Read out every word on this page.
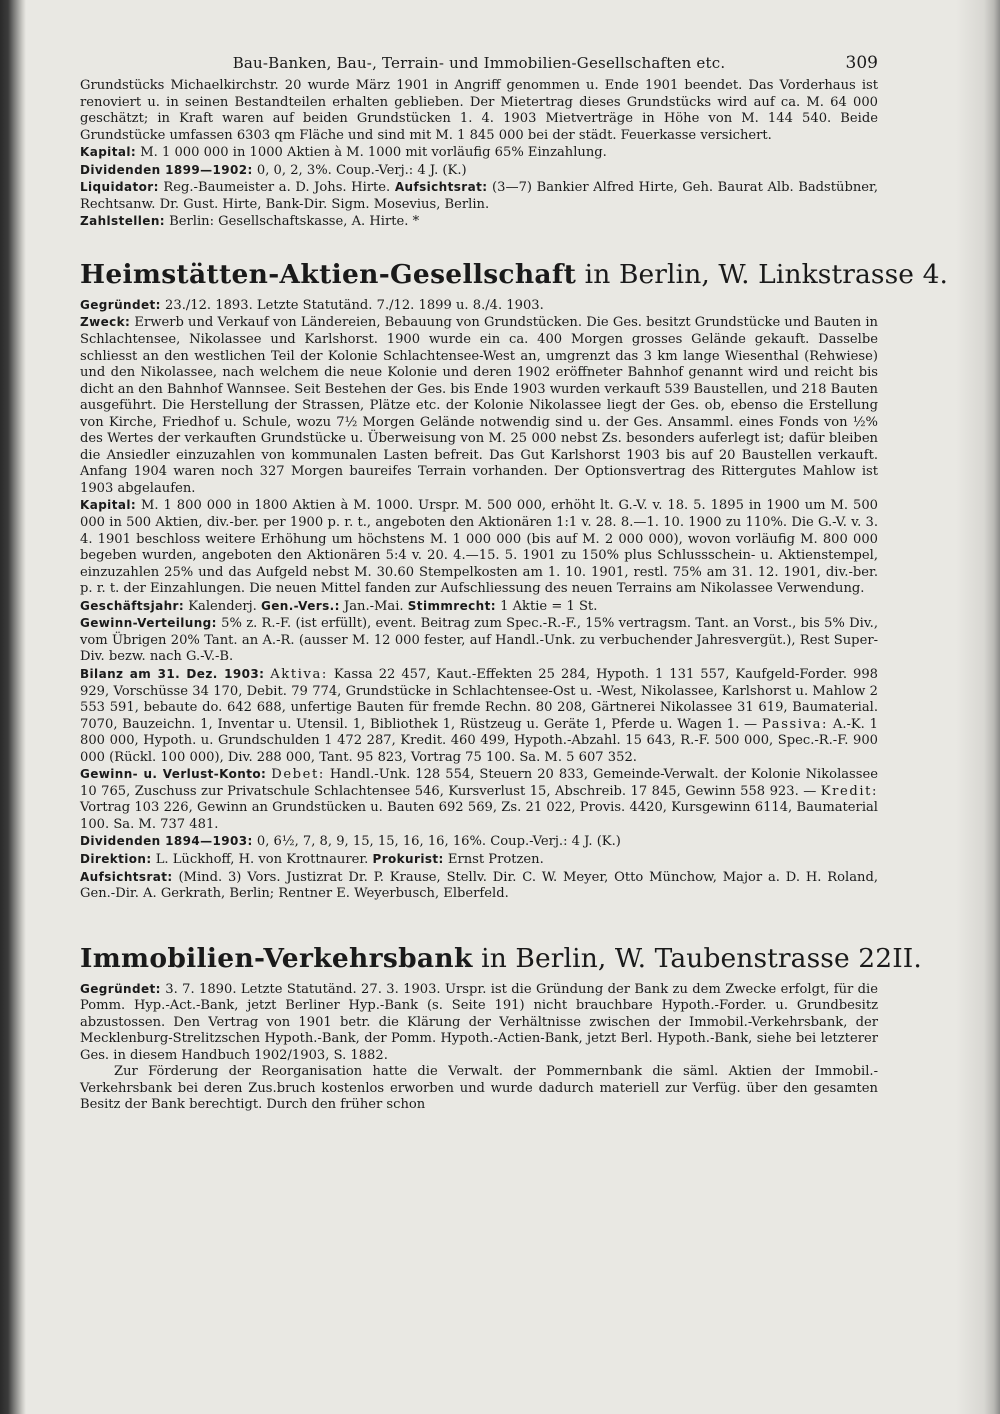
Bau-Banken, Bau-, Terrain- und Immobilien-Gesellschaften etc.	309

Grundstücks Michaelkirchstr. 20 wurde März 1901 in Angriff genommen u. Ende 1901 beendet. Das Vorderhaus ist renoviert u. in seinen Bestandteilen erhalten geblieben. Der Mietertrag dieses Grundstücks wird auf ca. M. 64 000 geschätzt; in Kraft waren auf beiden Grundstücken 1. 4. 1903 Mietverträge in Höhe von M. 144 540. Beide Grundstücke umfassen 6303 qm Fläche und sind mit M. 1 845 000 bei der städt. Feuerkasse versichert.

Kapital: M. 1 000 000 in 1000 Aktien à M. 1000 mit vorläufig 65% Einzahlung.

Dividenden 1899—1902: 0, 0, 2, 3%. Coup.-Verj.: 4 J. (K.)

Liquidator: Reg.-Baumeister a. D. Johs. Hirte. Aufsichtsrat: (3—7) Bankier Alfred Hirte, Geh. Baurat Alb. Badstübner, Rechtsanw. Dr. Gust. Hirte, Bank-Dir. Sigm. Mosevius, Berlin.

Zahlstellen: Berlin: Gesellschaftskasse, A. Hirte. *

Heimstätten-Aktien-Gesellschaft in Berlin, W. Linkstrasse 4.

Gegründet: 23./12. 1893. Letzte Statutänd. 7./12. 1899 u. 8./4. 1903.

Zweck: Erwerb und Verkauf von Ländereien, Bebauung von Grundstücken. Die Ges. besitzt Grundstücke und Bauten in Schlachtensee, Nikolassee und Karlshorst. 1900 wurde ein ca. 400 Morgen grosses Gelände gekauft. Dasselbe schliesst an den westlichen Teil der Kolonie Schlachtensee-West an, umgrenzt das 3 km lange Wiesenthal (Rehwiese) und den Nikolassee, nach welchem die neue Kolonie und deren 1902 eröffneter Bahnhof genannt wird und reicht bis dicht an den Bahnhof Wannsee. Seit Bestehen der Ges. bis Ende 1903 wurden verkauft 539 Baustellen, und 218 Bauten ausgeführt. Die Herstellung der Strassen, Plätze etc. der Kolonie Nikolassee liegt der Ges. ob, ebenso die Erstellung von Kirche, Friedhof u. Schule, wozu 7½ Morgen Gelände notwendig sind u. der Ges. Ansamml. eines Fonds von ½% des Wertes der verkauften Grundstücke u. Überweisung von M. 25 000 nebst Zs. besonders auferlegt ist; dafür bleiben die Ansiedler einzuzahlen von kommunalen Lasten befreit. Das Gut Karlshorst 1903 bis auf 20 Baustellen verkauft. Anfang 1904 waren noch 327 Morgen baureifes Terrain vorhanden. Der Optionsvertrag des Rittergutes Mahlow ist 1903 abgelaufen.

Kapital: M. 1 800 000 in 1800 Aktien à M. 1000. Urspr. M. 500 000, erhöht lt. G.-V. v. 18. 5. 1895 in 1900 um M. 500 000 in 500 Aktien, div.-ber. per 1900 p. r. t., angeboten den Aktionären 1:1 v. 28. 8.—1. 10. 1900 zu 110%. Die G.-V. v. 3. 4. 1901 beschloss weitere Erhöhung um höchstens M. 1 000 000 (bis auf M. 2 000 000), wovon vorläufig M. 800 000 begeben wurden, angeboten den Aktionären 5:4 v. 20. 4.—15. 5. 1901 zu 150% plus Schlussschein- u. Aktienstempel, einzuzahlen 25% und das Aufgeld nebst M. 30.60 Stempelkosten am 1. 10. 1901, restl. 75% am 31. 12. 1901, div.-ber. p. r. t. der Einzahlungen. Die neuen Mittel fanden zur Aufschliessung des neuen Terrains am Nikolassee Verwendung.

Geschäftsjahr: Kalenderj. Gen.-Vers.: Jan.-Mai. Stimmrecht: 1 Aktie = 1 St.

Gewinn-Verteilung: 5% z. R.-F. (ist erfüllt), event. Beitrag zum Spec.-R.-F., 15% vertragsm. Tant. an Vorst., bis 5% Div., vom Übrigen 20% Tant. an A.-R. (ausser M. 12 000 fester, auf Handl.-Unk. zu verbuchender Jahresvergüt.), Rest Super-Div. bezw. nach G.-V.-B.

Bilanz am 31. Dez. 1903: Aktiva: Kassa 22 457, Kaut.-Effekten 25 284, Hypoth. 1 131 557, Kaufgeld-Forder. 998 929, Vorschüsse 34 170, Debit. 79 774, Grundstücke in Schlachtensee-Ost u. -West, Nikolassee, Karlshorst u. Mahlow 2 553 591, bebaute do. 642 688, unfertige Bauten für fremde Rechn. 80 208, Gärtnerei Nikolassee 31 619, Baumaterial. 7070, Bauzeichn. 1, Inventar u. Utensil. 1, Bibliothek 1, Rüstzeug u. Geräte 1, Pferde u. Wagen 1. — Passiva: A.-K. 1 800 000, Hypoth. u. Grundschulden 1 472 287, Kredit. 460 499, Hypoth.-Abzahl. 15 643, R.-F. 500 000, Spec.-R.-F. 900 000 (Rückl. 100 000), Div. 288 000, Tant. 95 823, Vortrag 75 100. Sa. M. 5 607 352.

Gewinn- u. Verlust-Konto: Debet: Handl.-Unk. 128 554, Steuern 20 833, Gemeinde-Verwalt. der Kolonie Nikolassee 10 765, Zuschuss zur Privatschule Schlachtensee 546, Kursverlust 15, Abschreib. 17 845, Gewinn 558 923. — Kredit: Vortrag 103 226, Gewinn an Grundstücken u. Bauten 692 569, Zs. 21 022, Provis. 4420, Kursgewinn 6114, Baumaterial 100. Sa. M. 737 481.

Dividenden 1894—1903: 0, 6½, 7, 8, 9, 15, 15, 16, 16, 16%. Coup.-Verj.: 4 J. (K.)

Direktion: L. Lückhoff, H. von Krottnaurer. Prokurist: Ernst Protzen.

Aufsichtsrat: (Mind. 3) Vors. Justizrat Dr. P. Krause, Stellv. Dir. C. W. Meyer, Otto Münchow, Major a. D. H. Roland, Gen.-Dir. A. Gerkrath, Berlin; Rentner E. Weyerbusch, Elberfeld.

Immobilien-Verkehrsbank in Berlin, W. Taubenstrasse 22II.

Gegründet: 3. 7. 1890. Letzte Statutänd. 27. 3. 1903. Urspr. ist die Gründung der Bank zu dem Zwecke erfolgt, für die Pomm. Hyp.-Act.-Bank, jetzt Berliner Hyp.-Bank (s. Seite 191) nicht brauchbare Hypoth.-Forder. u. Grundbesitz abzustossen. Den Vertrag von 1901 betr. die Klärung der Verhältnisse zwischen der Immobil.-Verkehrsbank, der Mecklenburg-Strelitzschen Hypoth.-Bank, der Pomm. Hypoth.-Actien-Bank, jetzt Berl. Hypoth.-Bank, siehe bei letzterer Ges. in diesem Handbuch 1902/1903, S. 1882.

Zur Förderung der Reorganisation hatte die Verwalt. der Pommernbank die säml. Aktien der Immobil.-Verkehrsbank bei deren Zus.bruch kostenlos erworben und wurde dadurch materiell zur Verfüg. über den gesamten Besitz der Bank berechtigt. Durch den früher schon
